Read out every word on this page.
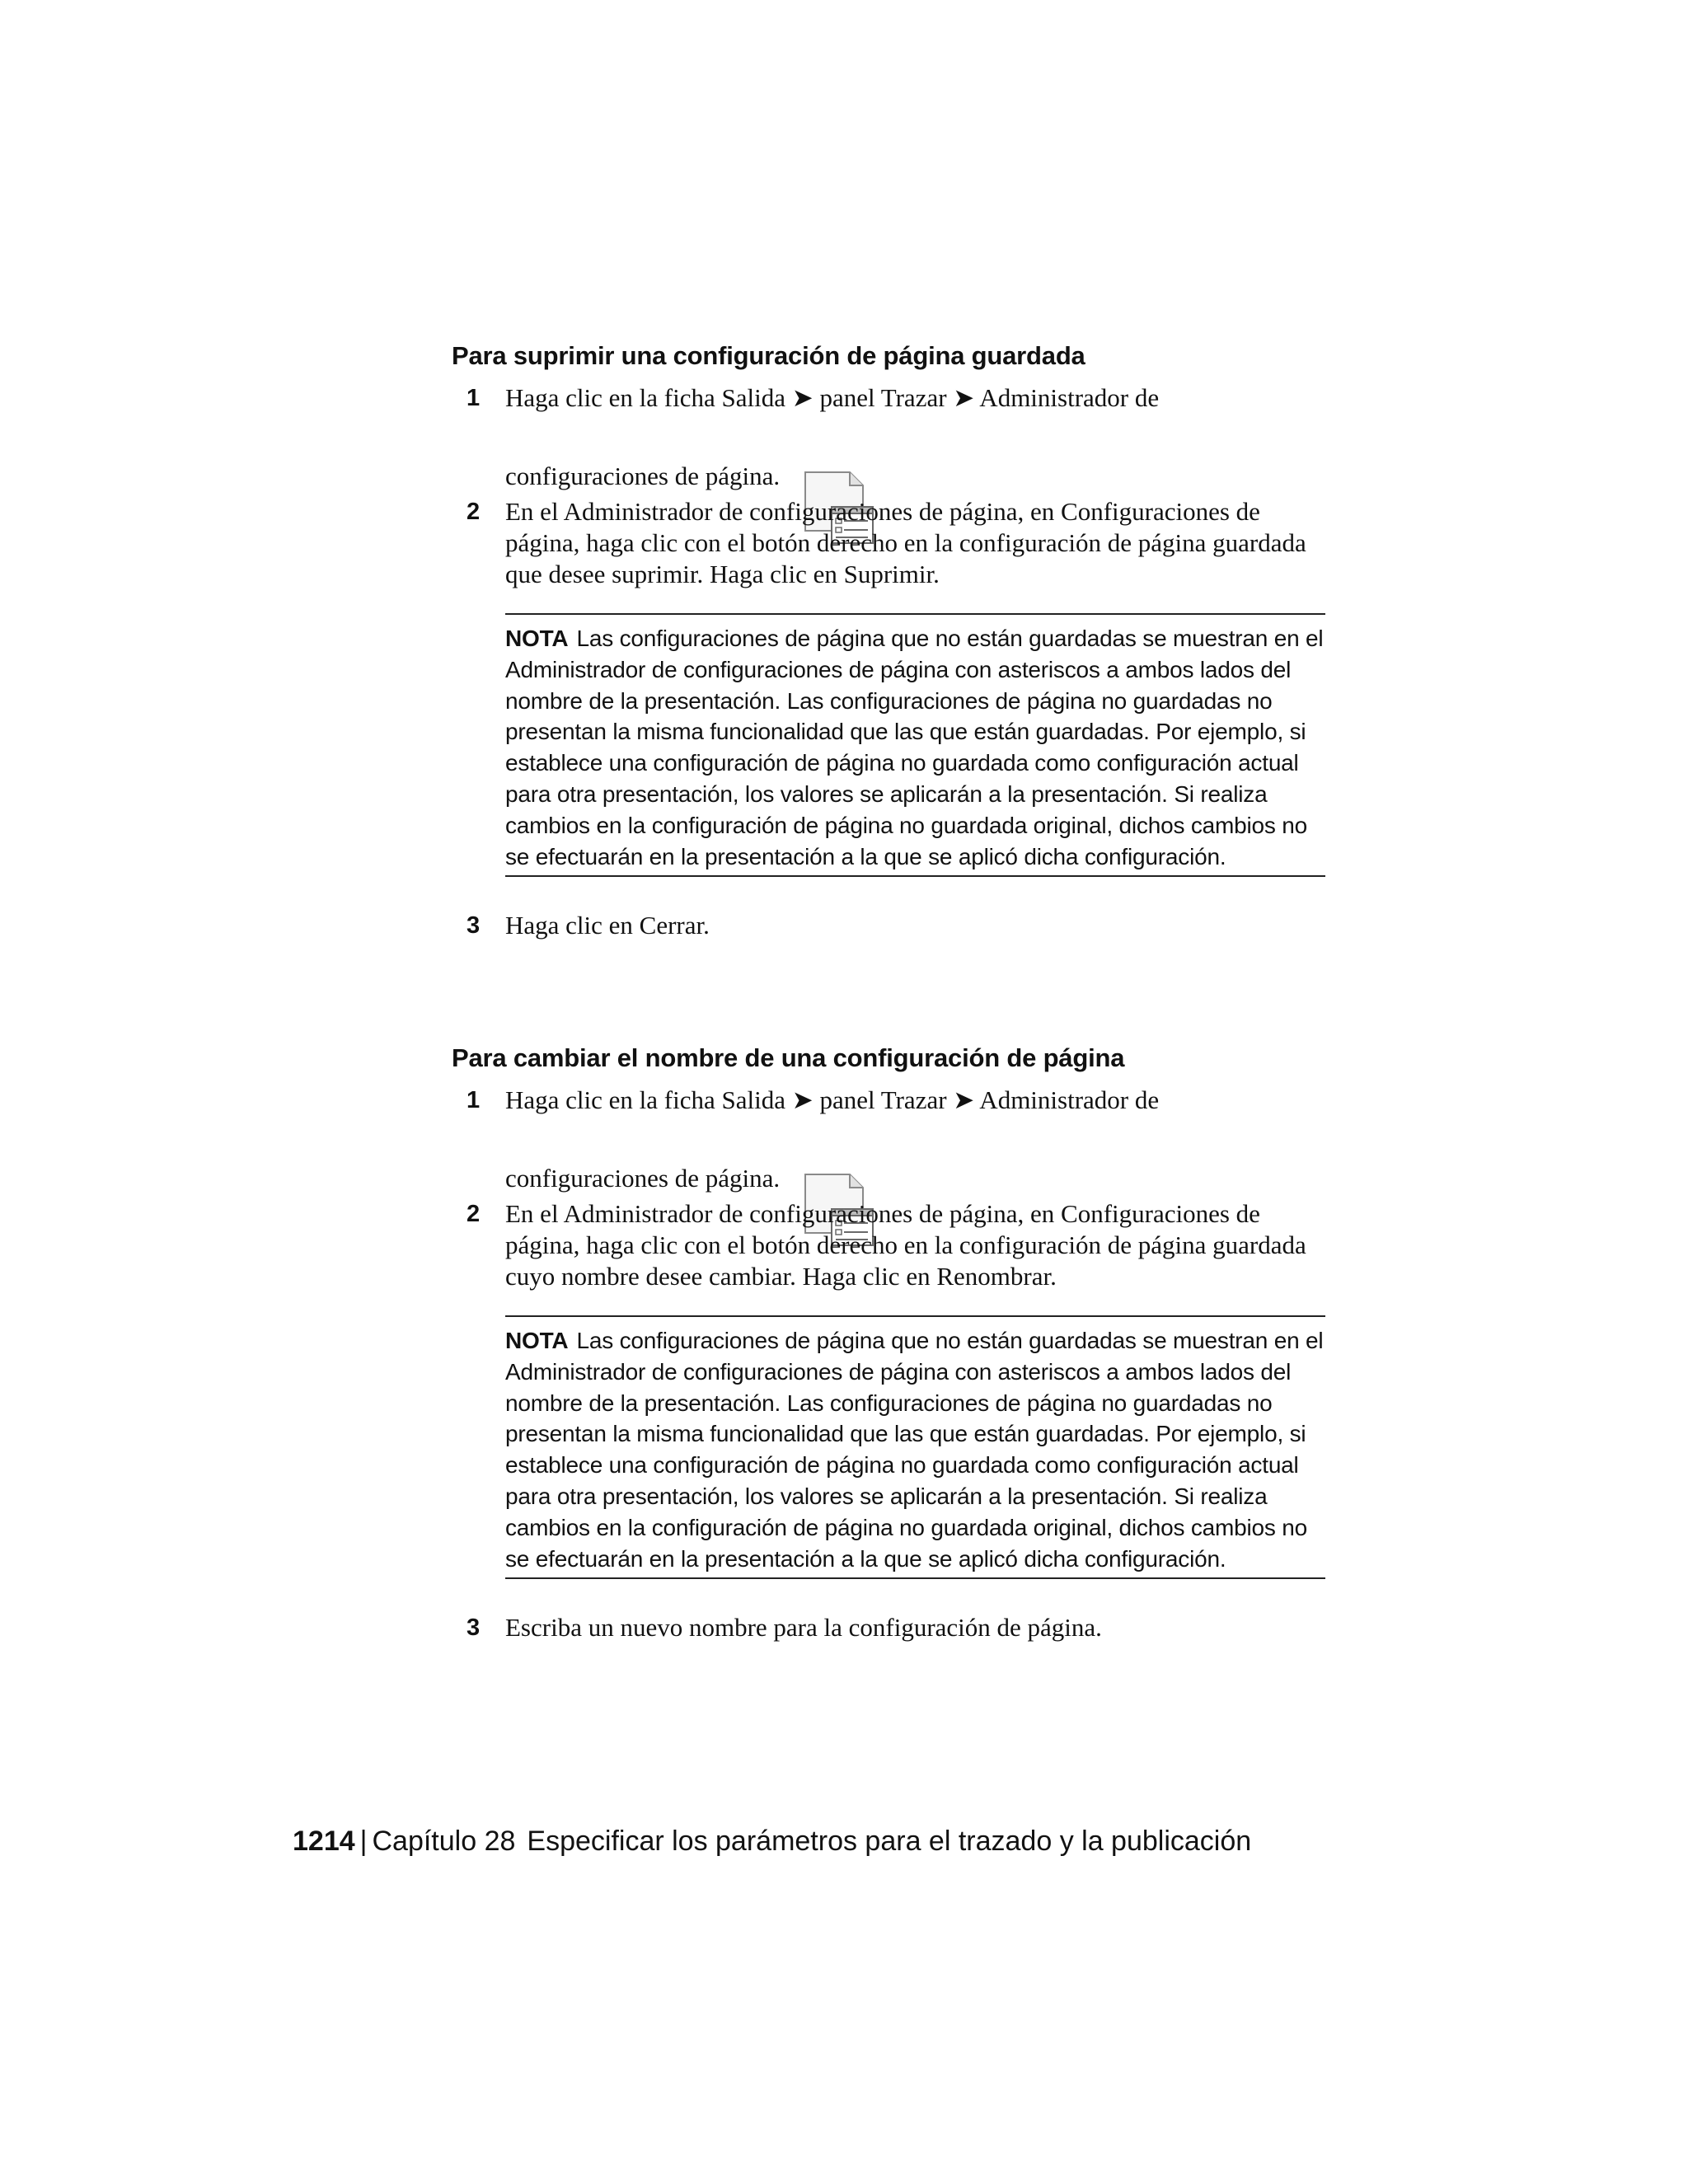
Para suprimir una configuración de página guardada
1 Haga clic en la ficha Salida ➤ panel Trazar ➤ Administrador de
configuraciones de página.
2 En el Administrador de configuraciones de página, en Configuraciones de página, haga clic con el botón derecho en la configuración de página guardada que desee suprimir. Haga clic en Suprimir.
NOTA Las configuraciones de página que no están guardadas se muestran en el Administrador de configuraciones de página con asteriscos a ambos lados del nombre de la presentación. Las configuraciones de página no guardadas no presentan la misma funcionalidad que las que están guardadas. Por ejemplo, si establece una configuración de página no guardada como configuración actual para otra presentación, los valores se aplicarán a la presentación. Si realiza cambios en la configuración de página no guardada original, dichos cambios no se efectuarán en la presentación a la que se aplicó dicha configuración.
3 Haga clic en Cerrar.
Para cambiar el nombre de una configuración de página
1 Haga clic en la ficha Salida ➤ panel Trazar ➤ Administrador de
configuraciones de página.
2 En el Administrador de configuraciones de página, en Configuraciones de página, haga clic con el botón derecho en la configuración de página guardada cuyo nombre desee cambiar. Haga clic en Renombrar.
NOTA Las configuraciones de página que no están guardadas se muestran en el Administrador de configuraciones de página con asteriscos a ambos lados del nombre de la presentación. Las configuraciones de página no guardadas no presentan la misma funcionalidad que las que están guardadas. Por ejemplo, si establece una configuración de página no guardada como configuración actual para otra presentación, los valores se aplicarán a la presentación. Si realiza cambios en la configuración de página no guardada original, dichos cambios no se efectuarán en la presentación a la que se aplicó dicha configuración.
3 Escriba un nuevo nombre para la configuración de página.
1214 | Capítulo 28 Especificar los parámetros para el trazado y la publicación
